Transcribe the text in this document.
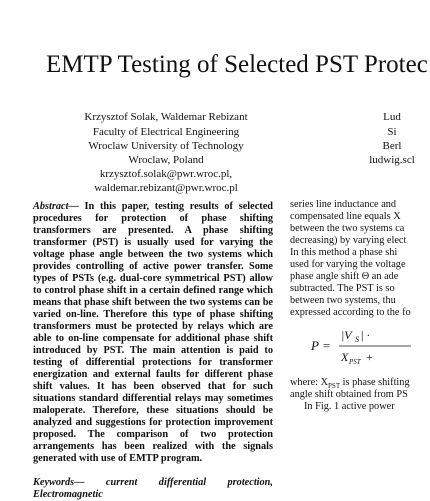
EMTP Testing of Selected PST Protec
Krzysztof Solak, Waldemar Rebizant
Faculty of Electrical Engineering
Wroclaw University of Technology
Wroclaw, Poland
krzysztof.solak@pwr.wroc.pl,
waldemar.rebizant@pwr.wroc.pl
Lud
Si
Berl
ludwig.scl

Abstract— In this paper, testing results of selected procedures for protection of phase shifting transformers are presented. A phase shifting transformer (PST) is usually used for varying the voltage phase angle between the two systems which provides controlling of active power transfer. Some types of PSTs (e.g. dual-core symmetrical PST) allow to control phase shift in a certain defined range which means that phase shift between the two systems can be varied on-line. Therefore this type of phase shifting transformers must be protected by relays which are able to on-line compensate for additional phase shift introduced by PST. The main attention is paid to testing of differential protections for transformer energization and external faults for different phase shift values. It has been observed that for such situations standard differential relays may sometimes maloperate. Therefore, these situations should be analyzed and suggestions for protection improvement proposed. The comparison of two protection arrangements has been realized with the signals generated with use of EMTP program.

Keywords— current differential protection, Electromagnetic

series line inductance and
compensated line equals X
between the two systems ca
decreasing) by varying elect
In this method a phase shi
used for varying the voltage
phase angle shift Θ an ade
subtracted. The PST is so
between two systems, thu
expressed according to the fo
P =
|V S | ·
X PST +
where: $X_{PST}$ is phase shifting
angle shift obtained from PS
In Fig. 1 active power
